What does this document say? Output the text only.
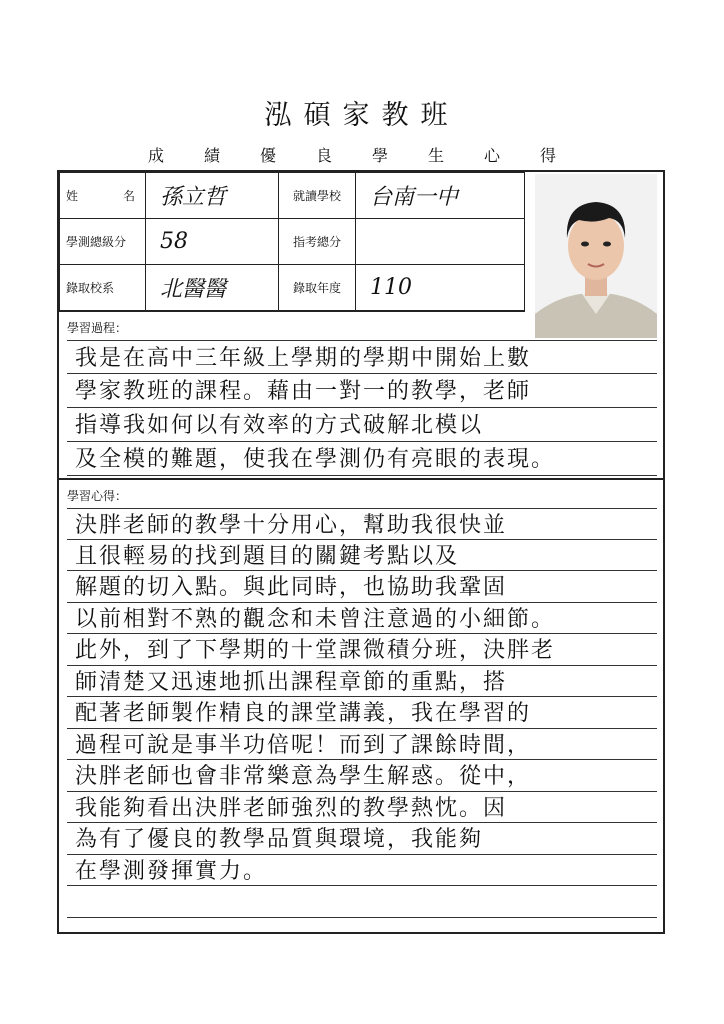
泓碩家教班
成績優良學生心得
姓 名	孫立哲	就讀學校	台南一中
學測總級分	58	指考總分	
錄取校系	北醫醫	錄取年度	110
學習過程：
我是在高中三年級上學期的學期中開始上數
學家教班的課程。藉由一對一的教學，老師
指導我如何以有效率的方式破解北模以
及全模的難題，使我在學測仍有亮眼的表現。
學習心得：
決胖老師的教學十分用心，幫助我很快並
且很輕易的找到題目的關鍵考點以及
解題的切入點。與此同時，也協助我鞏固
以前相對不熟的觀念和未曾注意過的小細節。
此外，到了下學期的十堂課微積分班，決胖老
師清楚又迅速地抓出課程章節的重點，搭
配著老師製作精良的課堂講義，我在學習的
過程可說是事半功倍呢！而到了課餘時間，
決胖老師也會非常樂意為學生解惑。從中，
我能夠看出決胖老師強烈的教學熱忱。因
為有了優良的教學品質與環境，我能夠
在學測發揮實力。
